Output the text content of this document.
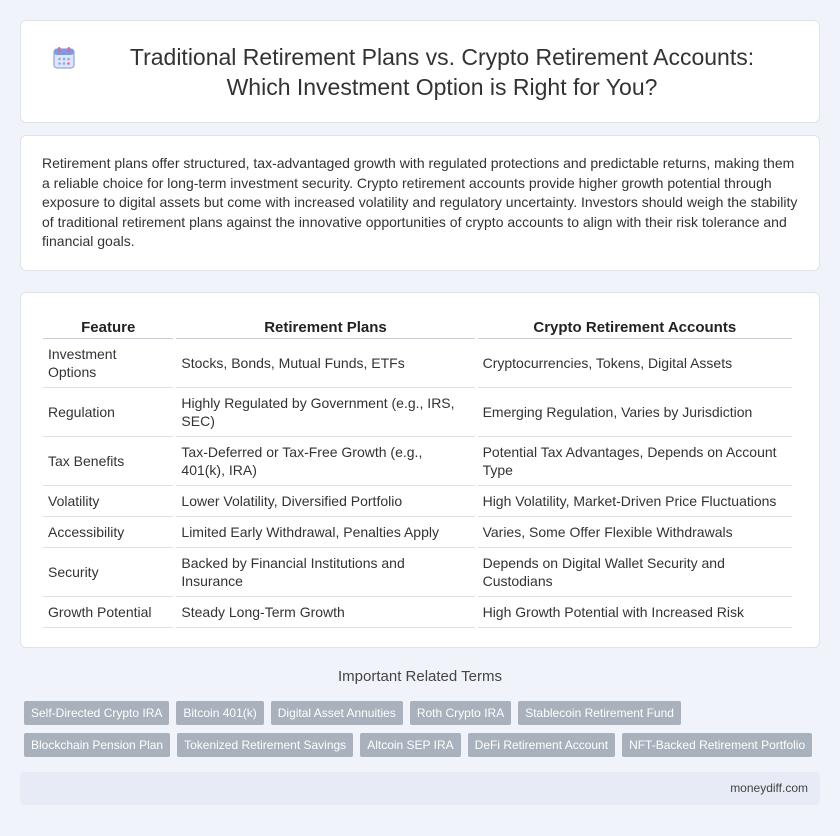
Traditional Retirement Plans vs. Crypto Retirement Accounts: Which Investment Option is Right for You?

Retirement plans offer structured, tax-advantaged growth with regulated protections and predictable returns, making them a reliable choice for long-term investment security. Crypto retirement accounts provide higher growth potential through exposure to digital assets but come with increased volatility and regulatory uncertainty. Investors should weigh the stability of traditional retirement plans against the innovative opportunities of crypto accounts to align with their risk tolerance and financial goals.

Feature	Retirement Plans	Crypto Retirement Accounts
Investment Options	Stocks, Bonds, Mutual Funds, ETFs	Cryptocurrencies, Tokens, Digital Assets
Regulation	Highly Regulated by Government (e.g., IRS, SEC)	Emerging Regulation, Varies by Jurisdiction
Tax Benefits	Tax-Deferred or Tax-Free Growth (e.g., 401(k), IRA)	Potential Tax Advantages, Depends on Account Type
Volatility	Lower Volatility, Diversified Portfolio	High Volatility, Market-Driven Price Fluctuations
Accessibility	Limited Early Withdrawal, Penalties Apply	Varies, Some Offer Flexible Withdrawals
Security	Backed by Financial Institutions and Insurance	Depends on Digital Wallet Security and Custodians
Growth Potential	Steady Long-Term Growth	High Growth Potential with Increased Risk
Important Related Terms
Self-Directed Crypto IRA	Bitcoin 401(k)	Digital Asset Annuities	Roth Crypto IRA	Stablecoin Retirement Fund
Blockchain Pension Plan	Tokenized Retirement Savings	Altcoin SEP IRA	DeFi Retirement Account	NFT-Backed Retirement Portfolio
moneydiff.com
